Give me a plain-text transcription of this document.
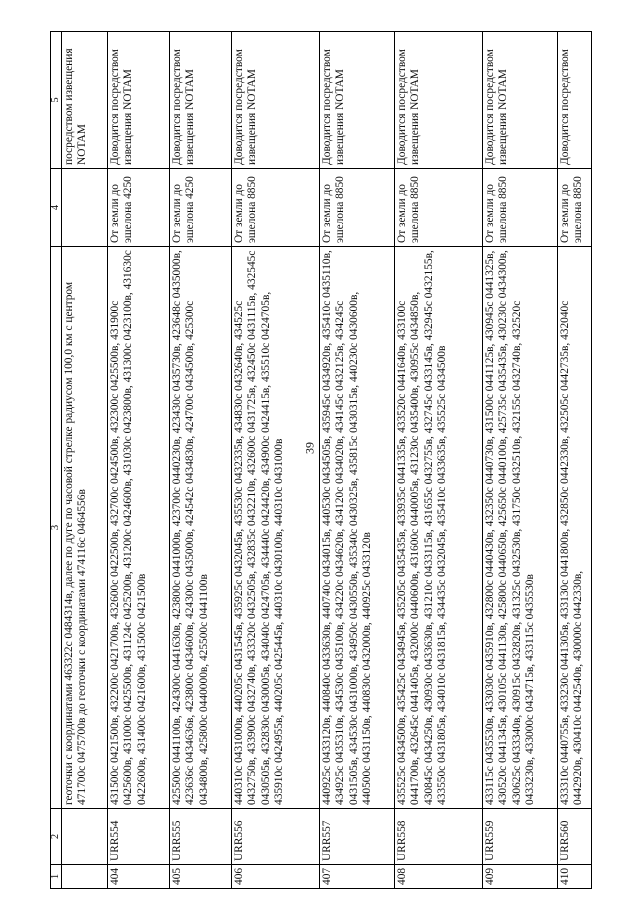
39
1	2	3	4	5
		геоточки с координатами 463322с 0484314в, далее по дуге по часовой стрелке радиусом 100,0 км с центром 471700с 0475700в до геоточки с координатами 474116с 0464556в		посредством извещения NOTAM
404	URR554	431500с 0421500в, 432200с 0421700в, 432600с 0422500в, 432700с 0424500в, 432300с 0425500в, 431900с 0425600в, 431000с 0425500в, 431124с 0425200в, 431200с 0424600в, 431030с 0423800в, 431300с 0423100в, 431630с 0422600в, 431400с 0421600в, 431500с 0421500в	От земли до эшелона 4250	Доводится посредством извещения NOTAM
405	URR555	425500с 0441100в, 424300с 0441630в, 423800с 0441000в, 423700с 0440230в, 423430с 0435730в, 423648с 0435000в, 423636с 0434636в, 423800с 0434600в, 424300с 0435000в, 424542с 0434830в, 424700с 0434500в, 425300с 0434800в, 425800с 0440000в, 425500с 0441100в	От земли до эшелона 4250	Доводится посредством извещения NOTAM
406	URR556	440310с 0431000в, 440205с 0431545в, 435925с 0432045в, 435530с 0432335в, 434830с 0432640в, 434525с 0432750в, 433900с 0432740в, 433320с 0432505в, 432835с 0432210в, 432600с 0431725в, 432450с 0431115в, 432545с 0430505в, 432830с 0430005в, 434040с 0424705в, 434440с 0424420в, 434900с 0424415в, 435510с 0424705в, 435910с 0424955в, 440205с 0425445в, 440310с 0430100в, 440310с 0431000в	От земли до эшелона 8850	Доводится посредством извещения NOTAM
407	URR557	440925с 0433120в, 440840с 0433630в, 440740с 0434015в, 440530с 0434505в, 435945с 0434920в, 435410с 0435110в, 434925с 0435310в, 434530с 0435100в, 434220с 0434620в, 434120с 0434020в, 434145с 0432125в, 434245с 0431505в, 434530с 0431000в, 434950с 0430550в, 435340с 0430325в, 435815с 0430315в, 440230с 0430600в, 440500с 0431150в, 440830с 0432000в, 440925с 0433120в	От земли до эшелона 8850	Доводится посредством извещения NOTAM
408	URR558	435525с 0434500в, 435425с 0434945в, 435205с 0435435в, 433935с 0441335в, 433520с 0441640в, 433100с 0441700в, 432645с 0441405в, 432000с 0440600в, 431600с 0440005в, 431230с 0435400в, 430955с 0434850в, 430845с 0434250в, 430930с 0433630в, 431210с 0433115в, 431655с 0432755в, 432745с 0433145в, 432945с 0432155в, 433550с 0431805в, 434010с 0431815в, 434435с 0432045в, 435410с 0433635в, 435525с 0434500в	От земли до эшелона 8850	Доводится посредством извещения NOTAM
409	URR559	433115с 0435530в, 433030с 0435910в, 432800с 0440430в, 432350с 0440730в, 431500с 0441125в, 430945с 0441325в, 430520с 0441345в, 430105с 0441130в, 425800с 0440650в, 425650с 0440100в, 425735с 0435435в, 430230с 0434300в, 430625с 0433340в, 430915с 0432820в, 431325с 0432530в, 431750с 0432510в, 432155с 0432740в, 432520с 0433230в, 433000с 0434715в, 433115с 0435530в	От земли до эшелона 8850	Доводится посредством извещения NOTAM
410	URR560	433310с 0440755в, 433230с 0441305в, 433130с 0441800в, 432850с 0442330в, 432505с 0442735в, 432040с 0442920в, 430410с 0442540в, 430000с 0442330в,	От земли до эшелона 8850	Доводится посредством
